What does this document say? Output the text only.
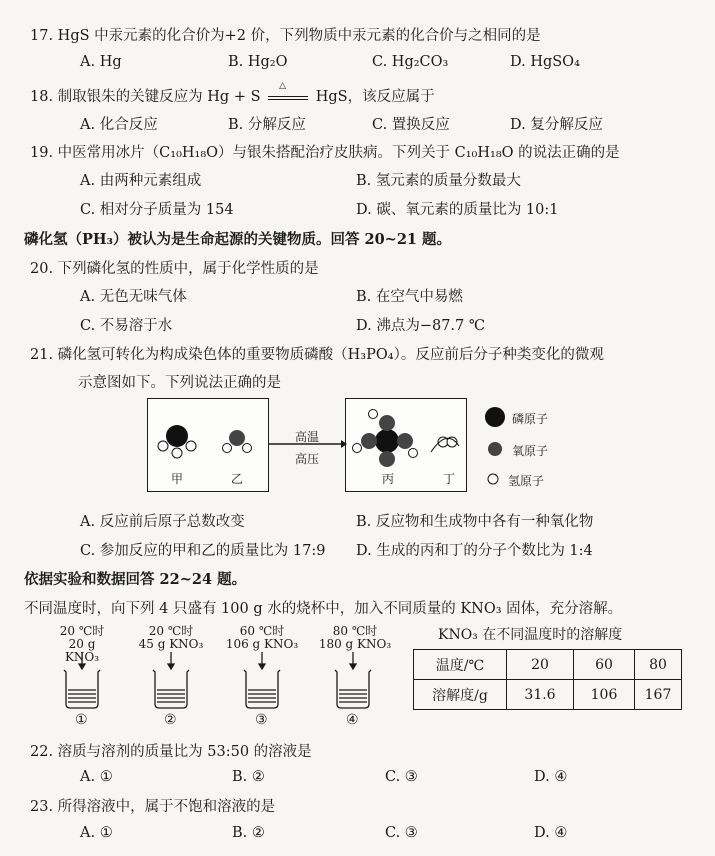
17. HgS 中汞元素的化合价为+2 价，下列物质中汞元素的化合价与之相同的是
A. Hg	B. Hg₂O	C. Hg₂CO₃	D. HgSO₄
18. 制取银朱的关键反应为 Hg + S
△
HgS，该反应属于
A. 化合反应	B. 分解反应	C. 置换反应	D. 复分解反应
19. 中医常用冰片（C₁₀H₁₈O）与银朱搭配治疗皮肤病。下列关于 C₁₀H₁₈O 的说法正确的是
A. 由两种元素组成	B. 氢元素的质量分数最大
C. 相对分子质量为 154	D. 碳、氧元素的质量比为 10:1
磷化氢（PH₃）被认为是生命起源的关键物质。回答 20~21 题。
20. 下列磷化氢的性质中，属于化学性质的是
A. 无色无味气体	B. 在空气中易燃
C. 不易溶于水	D. 沸点为−87.7 ℃
21. 磷化氢可转化为构成染色体的重要物质磷酸（H₃PO₄）。反应前后分子种类变化的微观
示意图如下。下列说法正确的是
甲	乙	丙	丁
高温
高压
磷原子
氧原子
氢原子
A. 反应前后原子总数改变	B. 反应物和生成物中各有一种氧化物
C. 参加反应的甲和乙的质量比为 17:9 D. 生成的丙和丁的分子个数比为 1:4
依据实验和数据回答 22~24 题。
不同温度时，向下列 4 只盛有 100 g 水的烧杯中，加入不同质量的 KNO₃ 固体，充分溶解。
20 ℃时
20 g KNO₃
20 ℃时
45 g KNO₃
60 ℃时
106 g KNO₃
80 ℃时
180 g KNO₃
①	②	③	④
KNO₃ 在不同温度时的溶解度
温度/℃	20	60	80
溶解度/g	31.6	106	167
22. 溶质与溶剂的质量比为 53:50 的溶液是
A. ①	B. ②	C. ③	D. ④
23. 所得溶液中，属于不饱和溶液的是
A. ①	B. ②	C. ③	D. ④
